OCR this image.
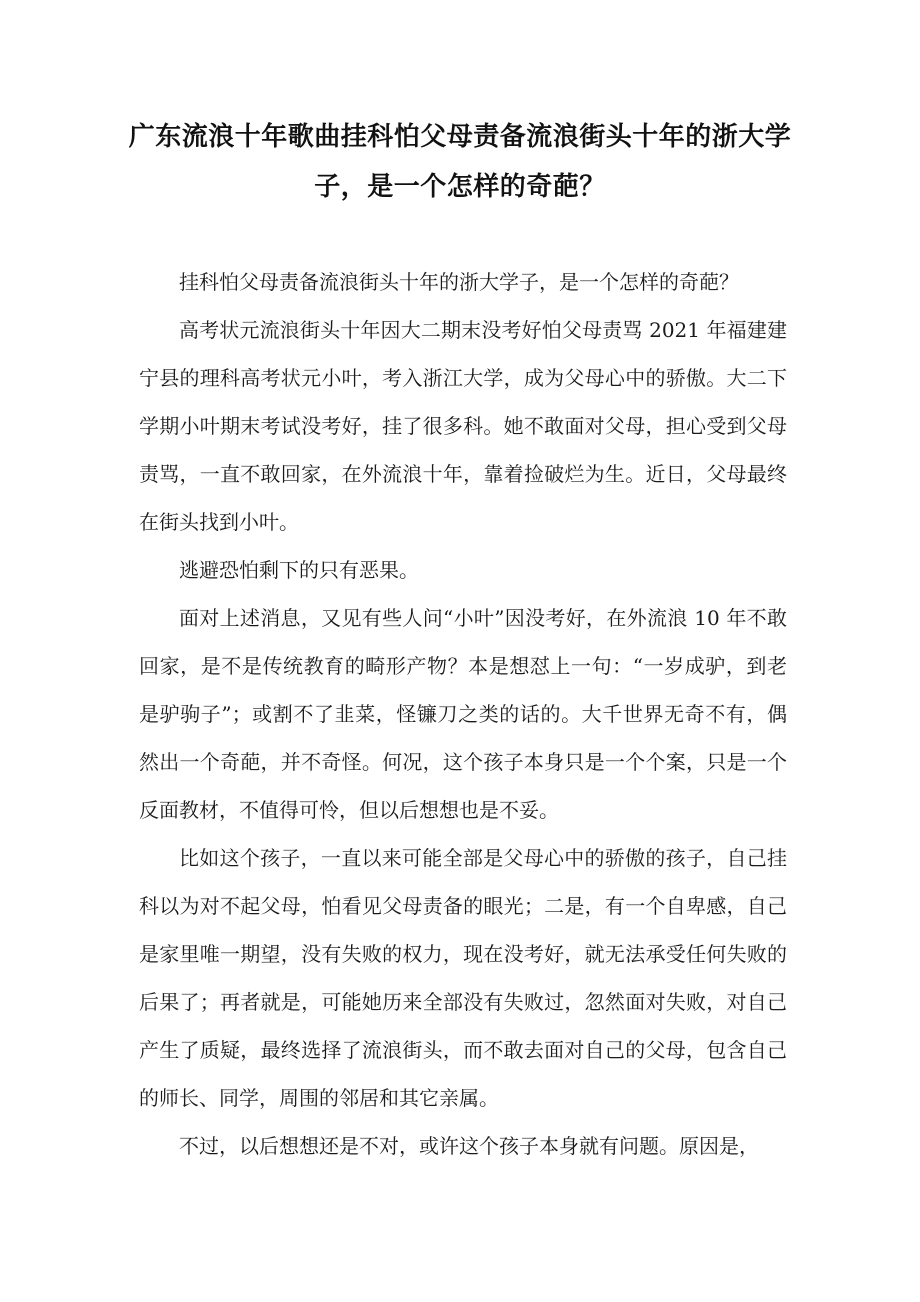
广东流浪十年歌曲挂科怕父母责备流浪街头十年的浙大学子，是一个怎样的奇葩？

挂科怕父母责备流浪街头十年的浙大学子，是一个怎样的奇葩？

高考状元流浪街头十年因大二期末没考好怕父母责骂 2021 年福建建宁县的理科高考状元小叶，考入浙江大学，成为父母心中的骄傲。大二下学期小叶期末考试没考好，挂了很多科。她不敢面对父母，担心受到父母责骂，一直不敢回家，在外流浪十年，靠着捡破烂为生。近日，父母最终在街头找到小叶。

逃避恐怕剩下的只有恶果。

面对上述消息，又见有些人问“小叶”因没考好，在外流浪 10 年不敢回家，是不是传统教育的畸形产物？本是想怼上一句：“一岁成驴，到老是驴驹子”；或割不了韭菜，怪镰刀之类的话的。大千世界无奇不有，偶然出一个奇葩，并不奇怪。何况，这个孩子本身只是一个个案，只是一个反面教材，不值得可怜，但以后想想也是不妥。

比如这个孩子，一直以来可能全部是父母心中的骄傲的孩子，自己挂科以为对不起父母，怕看见父母责备的眼光；二是，有一个自卑感，自己是家里唯一期望，没有失败的权力，现在没考好，就无法承受任何失败的后果了；再者就是，可能她历来全部没有失败过，忽然面对失败，对自己产生了质疑，最终选择了流浪街头，而不敢去面对自己的父母，包含自己的师长、同学，周围的邻居和其它亲属。

不过，以后想想还是不对，或许这个孩子本身就有问题。原因是，
